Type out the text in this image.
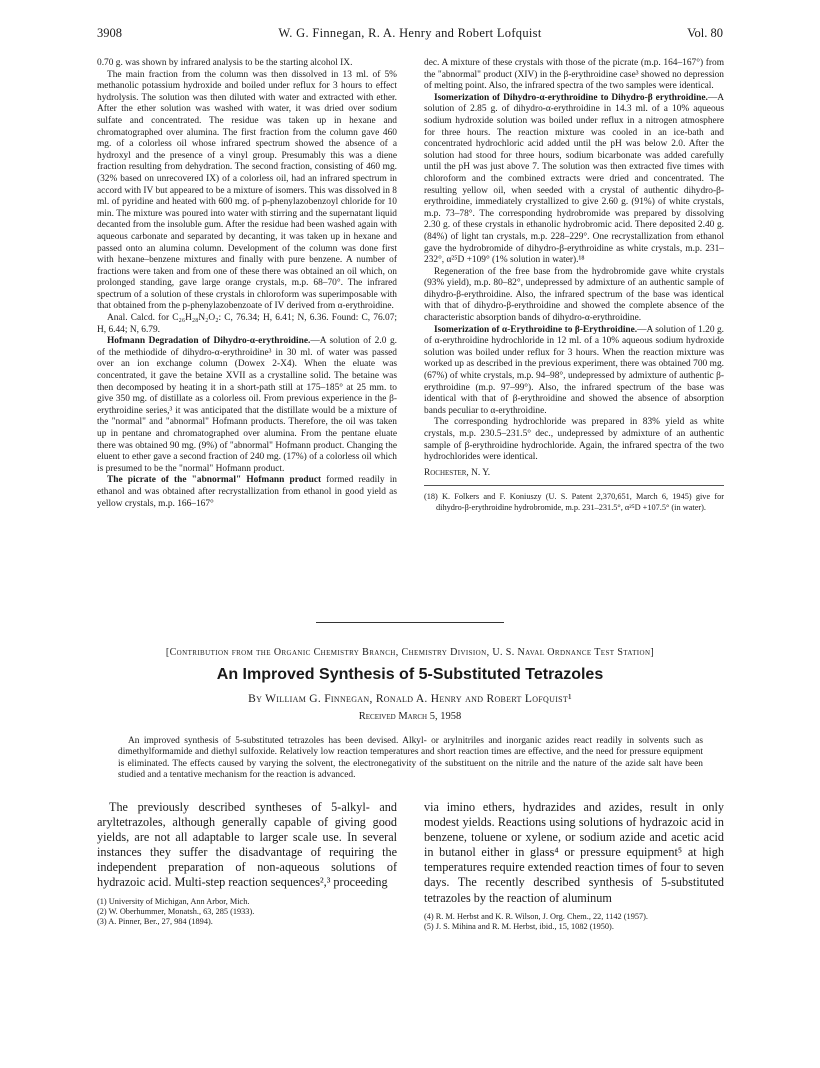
3908	W. G. Finnegan, R. A. Henry and Robert Lofquist	Vol. 80

0.70 g. was shown by infrared analysis to be the starting alcohol IX.

The main fraction from the column was then dissolved in 13 ml. of 5% methanolic potassium hydroxide and boiled under reflux for 3 hours to effect hydrolysis. The solution was then diluted with water and extracted with ether. After the ether solution was washed with water, it was dried over sodium sulfate and concentrated. The residue was taken up in hexane and chromatographed over alumina. The first fraction from the column gave 460 mg. of a colorless oil whose infrared spectrum showed the absence of a hydroxyl and the presence of a vinyl group. Presumably this was a diene fraction resulting from dehydration. The second fraction, consisting of 460 mg. (32% based on unrecovered IX) of a colorless oil, had an infrared spectrum in accord with IV but appeared to be a mixture of isomers. This was dissolved in 8 ml. of pyridine and heated with 600 mg. of p-phenylazobenzoyl chloride for 10 min. The mixture was poured into water with stirring and the supernatant liquid decanted from the insoluble gum. After the residue had been washed again with aqueous carbonate and separated by decanting, it was taken up in hexane and passed onto an alumina column. Development of the column was done first with hexane–benzene mixtures and finally with pure benzene. A number of fractions were taken and from one of these there was obtained an oil which, on prolonged standing, gave large orange crystals, m.p. 68–70°. The infrared spectrum of a solution of these crystals in chloroform was superimposable with that obtained from the p-phenylazobenzoate of IV derived from α-erythroidine.

Anal. Calcd. for C₂₆H₂₈N₂O₂: C, 76.34; H, 6.41; N, 6.36. Found: C, 76.07; H, 6.44; N, 6.79.

Hofmann Degradation of Dihydro-α-erythroidine.—A solution of 2.0 g. of the methiodide of dihydro-α-erythroidine³ in 30 ml. of water was passed over an ion exchange column (Dowex 2-X4). When the eluate was concentrated, it gave the betaine XVII as a crystalline solid. The betaine was then decomposed by heating it in a short-path still at 175–185° at 25 mm. to give 350 mg. of distillate as a colorless oil. From previous experience in the β-erythroidine series,³ it was anticipated that the distillate would be a mixture of the "normal" and "abnormal" Hofmann products. Therefore, the oil was taken up in pentane and chromatographed over alumina. From the pentane eluate there was obtained 90 mg. (9%) of "abnormal" Hofmann product. Changing the eluent to ether gave a second fraction of 240 mg. (17%) of a colorless oil which is presumed to be the "normal" Hofmann product.

The picrate of the "abnormal" Hofmann product formed readily in ethanol and was obtained after recrystallization from ethanol in good yield as yellow crystals, m.p. 166–167°

dec. A mixture of these crystals with those of the picrate (m.p. 164–167°) from the "abnormal" product (XIV) in the β-erythroidine case³ showed no depression of melting point. Also, the infrared spectra of the two samples were identical.

Isomerization of Dihydro-α-erythroidine to Dihydro-β erythroidine.—A solution of 2.85 g. of dihydro-α-erythroidine in 14.3 ml. of a 10% aqueous sodium hydroxide solution was boiled under reflux in a nitrogen atmosphere for three hours. The reaction mixture was cooled in an ice-bath and concentrated hydrochloric acid added until the pH was below 2.0. After the solution had stood for three hours, sodium bicarbonate was added carefully until the pH was just above 7. The solution was then extracted five times with chloroform and the combined extracts were dried and concentrated. The resulting yellow oil, when seeded with a crystal of authentic dihydro-β-erythroidine, immediately crystallized to give 2.60 g. (91%) of white crystals, m.p. 73–78°. The corresponding hydrobromide was prepared by dissolving 2.30 g. of these crystals in ethanolic hydrobromic acid. There deposited 2.40 g. (84%) of light tan crystals, m.p. 228–229°. One recrystallization from ethanol gave the hydrobromide of dihydro-β-erythroidine as white crystals, m.p. 231–232°, α²⁵D +109° (1% solution in water).¹⁸

Regeneration of the free base from the hydrobromide gave white crystals (93% yield), m.p. 80–82°, undepressed by admixture of an authentic sample of dihydro-β-erythroidine. Also, the infrared spectrum of the base was identical with that of dihydro-β-erythroidine and showed the complete absence of the characteristic absorption bands of dihydro-α-erythroidine.

Isomerization of α-Erythroidine to β-Erythroidine.—A solution of 1.20 g. of α-erythroidine hydrochloride in 12 ml. of a 10% aqueous sodium hydroxide solution was boiled under reflux for 3 hours. When the reaction mixture was worked up as described in the previous experiment, there was obtained 700 mg. (67%) of white crystals, m.p. 94–98°, undepressed by admixture of authentic β-erythroidine (m.p. 97–99°). Also, the infrared spectrum of the base was identical with that of β-erythroidine and showed the absence of absorption bands peculiar to α-erythroidine.

The corresponding hydrochloride was prepared in 83% yield as white crystals, m.p. 230.5–231.5° dec., undepressed by admixture of an authentic sample of β-erythroidine hydrochloride. Again, the infrared spectra of the two hydrochlorides were identical.

Rochester, N. Y.
(18) K. Folkers and F. Koniuszy (U. S. Patent 2,370,651, March 6, 1945) give for dihydro-β-erythroidine hydrobromide, m.p. 231–231.5°, α²⁵D +107.5° (in water).
[Contribution from the Organic Chemistry Branch, Chemistry Division, U. S. Naval Ordnance Test Station]
An Improved Synthesis of 5-Substituted Tetrazoles
By William G. Finnegan, Ronald A. Henry and Robert Lofquist¹
Received March 5, 1958
An improved synthesis of 5-substituted tetrazoles has been devised. Alkyl- or arylnitriles and inorganic azides react readily in solvents such as dimethylformamide and diethyl sulfoxide. Relatively low reaction temperatures and short reaction times are effective, and the need for pressure equipment is eliminated. The effects caused by varying the solvent, the electronegativity of the substituent on the nitrile and the nature of the azide salt have been studied and a tentative mechanism for the reaction is advanced.

The previously described syntheses of 5-alkyl- and aryltetrazoles, although generally capable of giving good yields, are not all adaptable to larger scale use. In several instances they suffer the disadvantage of requiring the independent preparation of non-aqueous solutions of hydrazoic acid. Multi-step reaction sequences²,³ proceeding

(1) University of Michigan, Ann Arbor, Mich.
(2) W. Oberhummer, Monatsh., 63, 285 (1933).
(3) A. Pinner, Ber., 27, 984 (1894).

via imino ethers, hydrazides and azides, result in only modest yields. Reactions using solutions of hydrazoic acid in benzene, toluene or xylene, or sodium azide and acetic acid in butanol either in glass⁴ or pressure equipment⁵ at high temperatures require extended reaction times of four to seven days. The recently described synthesis of 5-substituted tetrazoles by the reaction of aluminum

(4) R. M. Herbst and K. R. Wilson, J. Org. Chem., 22, 1142 (1957).
(5) J. S. Mihina and R. M. Herbst, ibid., 15, 1082 (1950).
